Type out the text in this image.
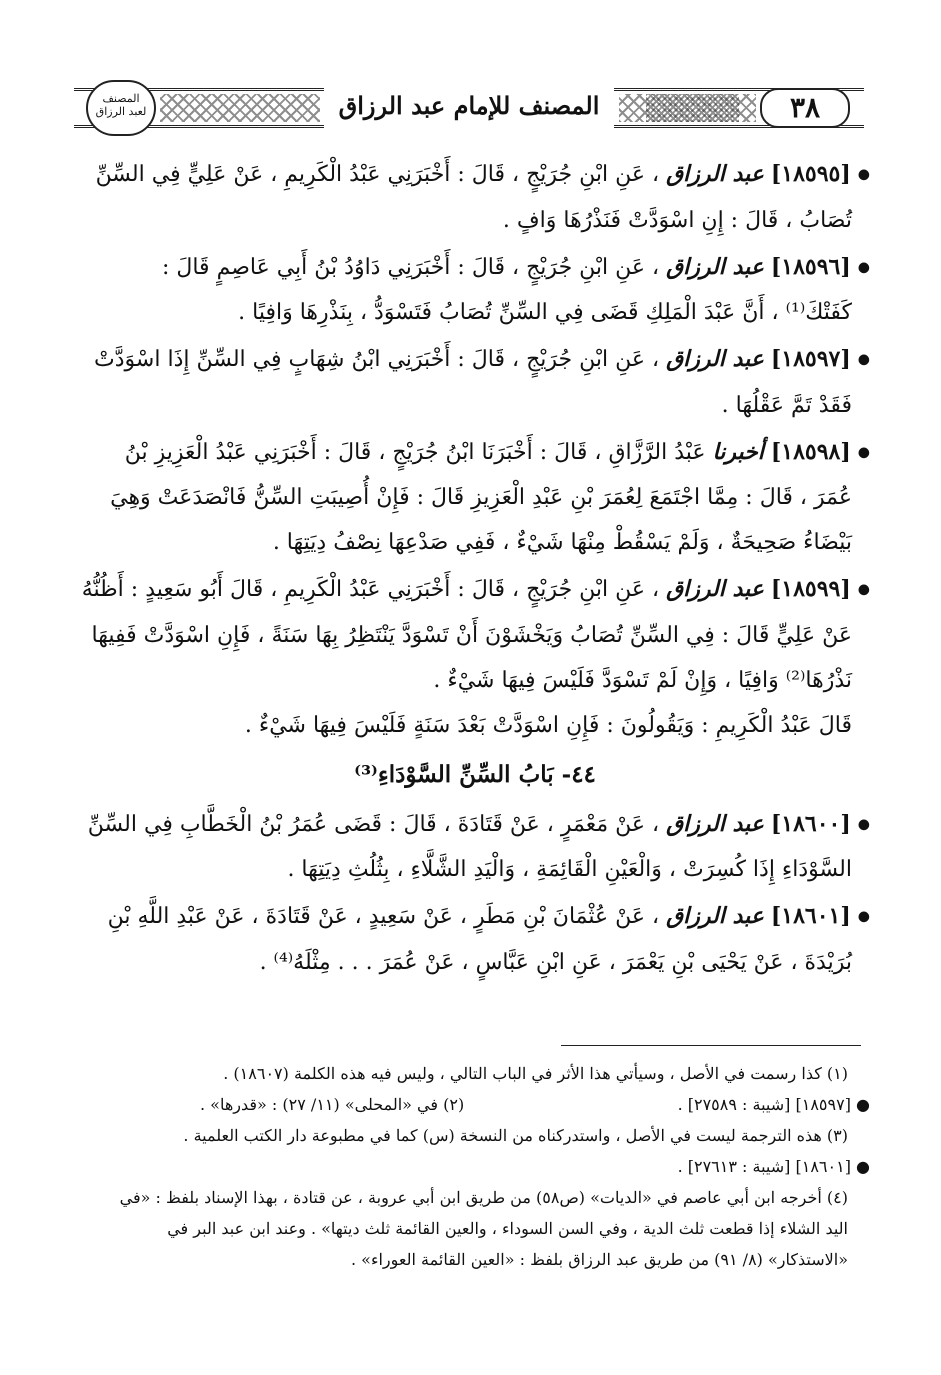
٣٨
المصنف للإمام عبد الرزاق
المصنف
لعبد الرزاق

● [١٨٥٩٥] عبد الرزاق ، عَنِ ابْنِ جُرَيْجٍ ، قَالَ : أَخْبَرَنِي عَبْدُ الْكَرِيمِ ، عَنْ عَلِيٍّ فِي السِّنِّ

تُصَابُ ، قَالَ : إِنِ اسْوَدَّتْ فَنَذْرُهَا وَافٍ .

● [١٨٥٩٦] عبد الرزاق ، عَنِ ابْنِ جُرَيْجٍ ، قَالَ : أَخْبَرَنِي دَاوُدُ بْنُ أَبِي عَاصِمٍ قَالَ :

كَفَتْكَ⁽¹⁾ ، أَنَّ عَبْدَ الْمَلِكِ قَضَى فِي السِّنِّ تُصَابُ فَتَسْوَدُّ ، بِنَذْرِهَا وَافِيًا .

● [١٨٥٩٧] عبد الرزاق ، عَنِ ابْنِ جُرَيْجٍ ، قَالَ : أَخْبَرَنِي ابْنُ شِهَابٍ فِي السِّنِّ إِذَا اسْوَدَّتْ

فَقَدْ تَمَّ عَقْلُهَا .

● [١٨٥٩٨] أخبرنا عَبْدُ الرَّزَّاقِ ، قَالَ : أَخْبَرَنَا ابْنُ جُرَيْجٍ ، قَالَ : أَخْبَرَنِي عَبْدُ الْعَزِيزِ بْنُ

عُمَرَ ، قَالَ : مِمَّا اجْتَمَعَ لِعُمَرَ بْنِ عَبْدِ الْعَزِيزِ قَالَ : فَإِنْ أُصِيبَتِ السِّنُّ فَانْصَدَعَتْ وَهِيَ

بَيْضَاءُ صَحِيحَةٌ ، وَلَمْ يَسْقُطْ مِنْهَا شَيْءٌ ، فَفِي صَدْعِهَا نِصْفُ دِيَتِهَا .

● [١٨٥٩٩] عبد الرزاق ، عَنِ ابْنِ جُرَيْجٍ ، قَالَ : أَخْبَرَنِي عَبْدُ الْكَرِيمِ ، قَالَ أَبُو سَعِيدٍ : أَظُنُّهُ

عَنْ عَلِيٍّ قَالَ : فِي السِّنِّ تُصَابُ وَيَخْشَوْنَ أَنْ تَسْوَدَّ يَنْتَظِرُ بِهَا سَنَةً ، فَإِنِ اسْوَدَّتْ فَفِيهَا

نَذْرُهَا⁽²⁾ وَافِيًا ، وَإِنْ لَمْ تَسْوَدَّ فَلَيْسَ فِيهَا شَيْءٌ .

قَالَ عَبْدُ الْكَرِيمِ : وَيَقُولُونَ : فَإِنِ اسْوَدَّتْ بَعْدَ سَنَةٍ فَلَيْسَ فِيهَا شَيْءٌ .

٤٤- بَابُ السِّنِّ السَّوْدَاءِ⁽³⁾

● [١٨٦٠٠] عبد الرزاق ، عَنْ مَعْمَرٍ ، عَنْ قَتَادَةَ ، قَالَ : قَضَى عُمَرُ بْنُ الْخَطَّابِ فِي السِّنِّ

السَّوْدَاءِ إِذَا كُسِرَتْ ، وَالْعَيْنِ الْقَائِمَةِ ، وَالْيَدِ الشَّلَّاءِ ، بِثُلُثِ دِيَتِهَا .

● [١٨٦٠١] عبد الرزاق ، عَنْ عُثْمَانَ بْنِ مَطَرٍ ، عَنْ سَعِيدٍ ، عَنْ قَتَادَةَ ، عَنْ عَبْدِ اللَّهِ بْنِ

بُرَيْدَةَ ، عَنْ يَحْيَى بْنِ يَعْمَرَ ، عَنِ ابْنِ عَبَّاسٍ ، عَنْ عُمَرَ . . . مِثْلَهُ⁽⁴⁾ .

(١) كذا رسمت في الأصل ، وسيأتي هذا الأثر في الباب التالي ، وليس فيه هذه الكلمة (١٨٦٠٧) .

● [١٨٥٩٧] [شيبة : ٢٧٥٨٩] .
(٢) في «المحلى» (١١/ ٢٧) : «قدرها» .

(٣) هذه الترجمة ليست في الأصل ، واستدركناه من النسخة (س) كما في مطبوعة دار الكتب العلمية .

● [١٨٦٠١] [شيبة : ٢٧٦١٣] .

(٤) أخرجه ابن أبي عاصم في «الديات» (ص٥٨) من طريق ابن أبي عروبة ، عن قتادة ، بهذا الإسناد بلفظ : «في

اليد الشلاء إذا قطعت ثلث الدية ، وفي السن السوداء ، والعين القائمة ثلث ديتها» . وعند ابن عبد البر في

«الاستذكار» (٨/ ٩١) من طريق عبد الرزاق بلفظ : «العين القائمة العوراء» .
